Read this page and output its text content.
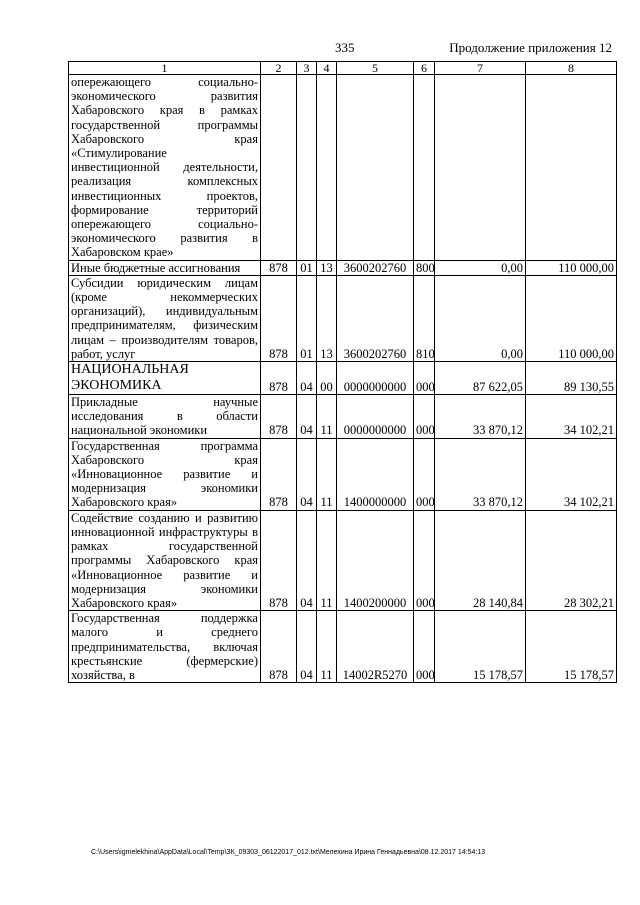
335	Продолжение приложения 12
1	2	3	4	5	6	7	8
опережающего социально-экономического развития Хабаровского края в рамках государственной программы Хабаровского края «Стимулирование инвестиционной деятельности, реализация комплексных инвестиционных проектов, формирование территорий опережающего социально-экономического развития в Хабаровском крае»							
Иные бюджетные ассигнования	878	01	13	3600202760	800	0,00	110 000,00
Субсидии юридическим лицам (кроме некоммерческих организаций), индивидуальным предпринимателям, физическим лицам – производителям товаров, работ, услуг	878	01	13	3600202760	810	0,00	110 000,00
НАЦИОНАЛЬНАЯ ЭКОНОМИКА	878	04	00	0000000000	000	87 622,05	89 130,55
Прикладные научные исследования в области национальной экономики	878	04	11	0000000000	000	33 870,12	34 102,21
Государственная программа Хабаровского края «Инновационное развитие и модернизация экономики Хабаровского края»	878	04	11	1400000000	000	33 870,12	34 102,21
Содействие созданию и развитию инновационной инфраструктуры в рамках государственной программы Хабаровского края «Инновационное развитие и модернизация экономики Хабаровского края»	878	04	11	1400200000	000	28 140,84	28 302,21
Государственная поддержка малого и среднего предпринимательства, включая крестьянские (фермерские) хозяйства, в	878	04	11	14002R5270	000	15 178,57	15 178,57
C:\Users\igmelekhina\AppData\Local\Temp\ЗК_09303_06122017_012.txt\Мелехина Ирина Геннадьевна\08.12.2017 14:54:13
